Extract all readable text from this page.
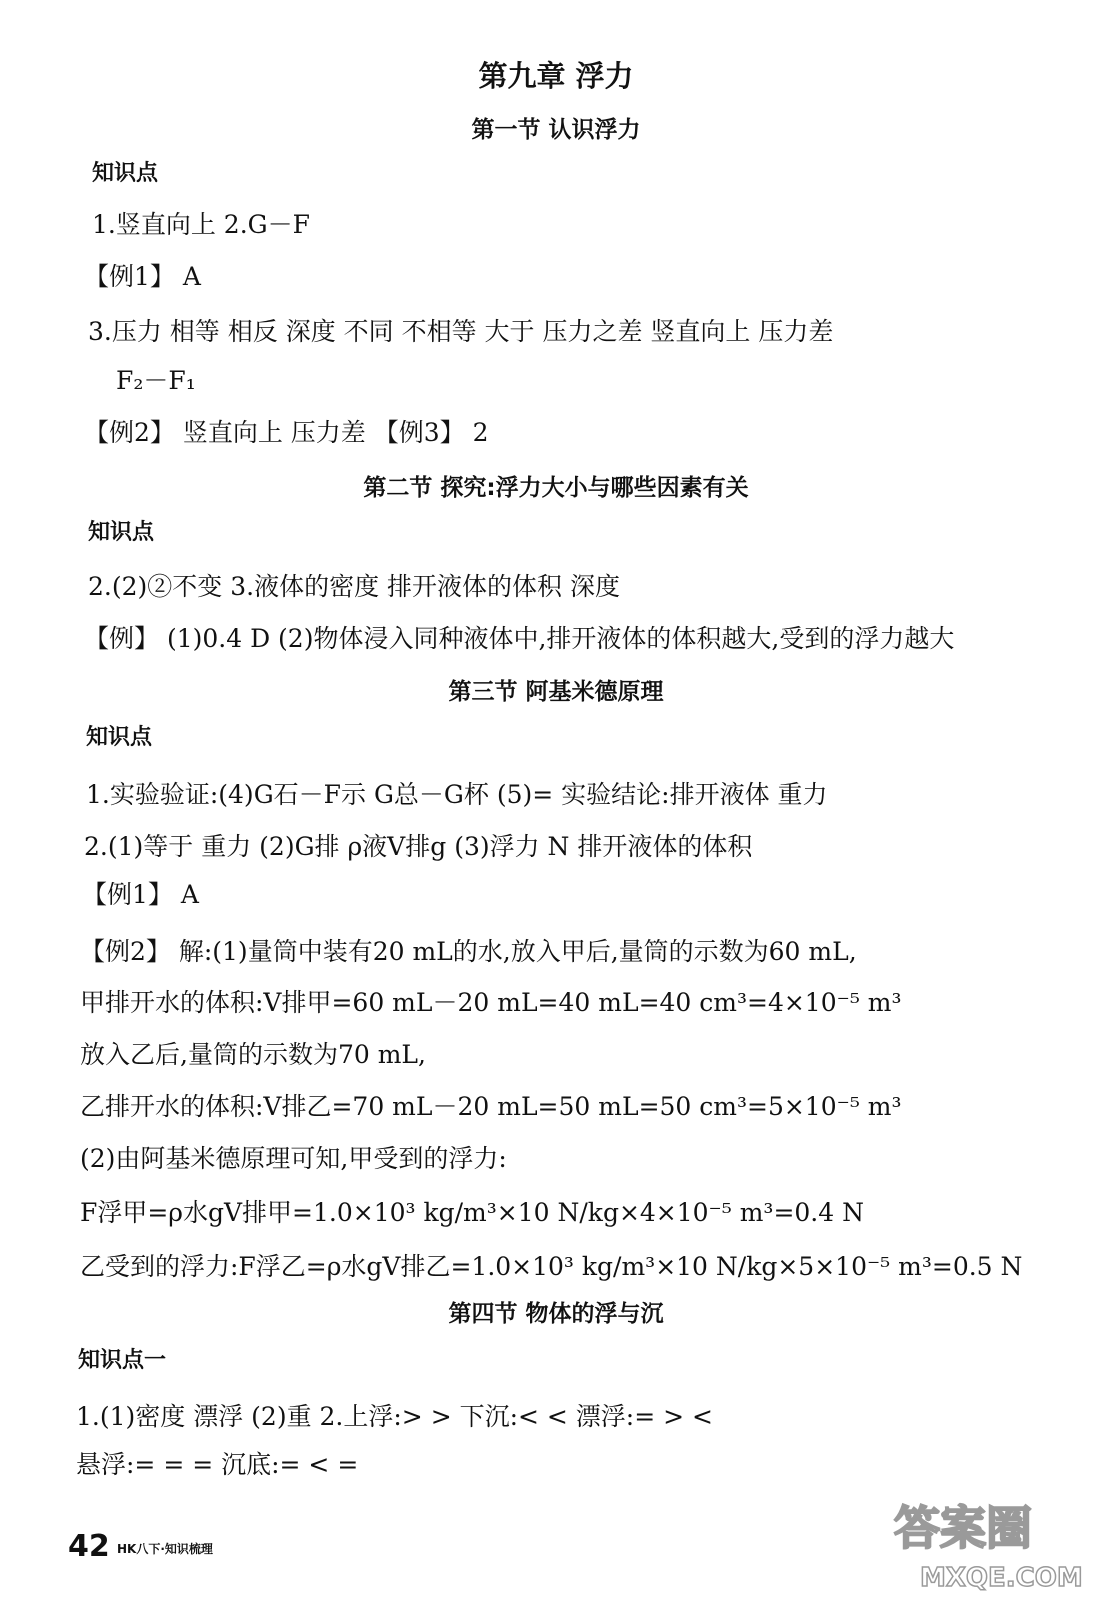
第九章 浮力
第一节 认识浮力
知识点
1.竖直向上 2.G－F
【例1】 A
3.压力 相等 相反 深度 不同 不相等 大于 压力之差 竖直向上 压力差
F₂－F₁
【例2】 竖直向上 压力差 【例3】 2
第二节 探究:浮力大小与哪些因素有关
知识点
2.(2)②不变 3.液体的密度 排开液体的体积 深度
【例】 (1)0.4 D (2)物体浸入同种液体中,排开液体的体积越大,受到的浮力越大
第三节 阿基米德原理
知识点
1.实验验证:(4)G石－F示 G总－G杯 (5)= 实验结论:排开液体 重力
2.(1)等于 重力 (2)G排 ρ液V排g (3)浮力 N 排开液体的体积
【例1】 A
【例2】 解:(1)量筒中装有20 mL的水,放入甲后,量筒的示数为60 mL,
甲排开水的体积:V排甲=60 mL－20 mL=40 mL=40 cm³=4×10⁻⁵ m³
放入乙后,量筒的示数为70 mL,
乙排开水的体积:V排乙=70 mL－20 mL=50 mL=50 cm³=5×10⁻⁵ m³
(2)由阿基米德原理可知,甲受到的浮力:
F浮甲=ρ水gV排甲=1.0×10³ kg/m³×10 N/kg×4×10⁻⁵ m³=0.4 N
乙受到的浮力:F浮乙=ρ水gV排乙=1.0×10³ kg/m³×10 N/kg×5×10⁻⁵ m³=0.5 N
第四节 物体的浮与沉
知识点一
1.(1)密度 漂浮 (2)重 2.上浮:> > 下沉:< < 漂浮:= > <
悬浮:= = = 沉底:= < =
42 HK八下·知识梳理	答案圈
MXQE.COM
